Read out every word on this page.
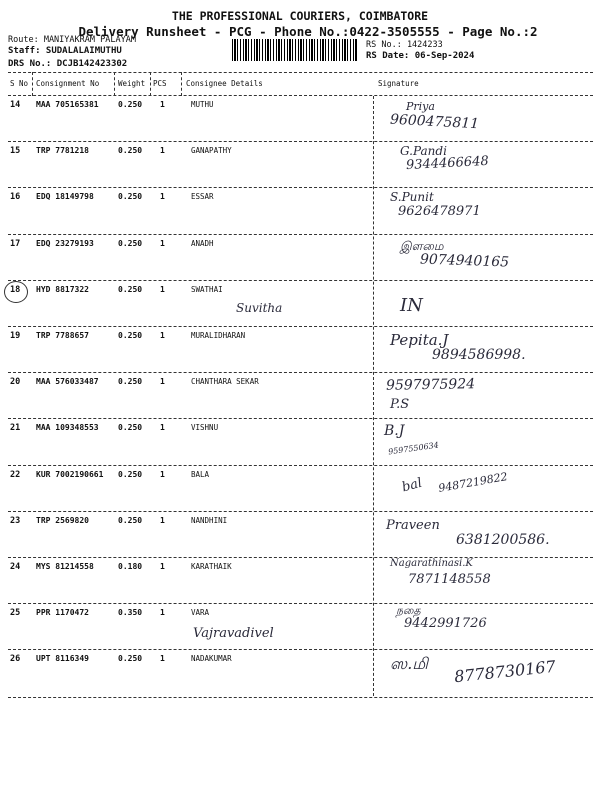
THE PROFESSIONAL COURIERS, COIMBATORE
Delivery Runsheet - PCG - Phone No.:0422-3505555 - Page No.:2
Route: MANIYAKRAM PALAYAM
Staff: SUDALALAIMUTHU
DRS No.: DCJB142423302
RS No.: 1424233
RS Date: 06-Sep-2024
S No Consignment No	Weight PCS	Consignee Details	Signature
14 MAA 705165381 0.250 1	MUTHU	Priya
9600475811
15 TRP 7781218	0.250 1	GANAPATHY	G.Pandi
9344466648
16 EDQ 18149798	0.250 1	ESSAR	S.Punit
9626478971
17 EDQ 23279193	0.250 1	ANADH	இளமை
9074940165
18 HYD 8817322	0.250 1	SWATHAI
Suvitha	IN
19 TRP 7788657	0.250 1	MURALIDHARAN	Pepita.J
9894586998.
20 MAA 576033487 0.250 1	CHANTHARA SEKAR	9597975924
P.S
21 MAA 109348553 0.250 1	VISHNU	B.J
9597550634
22 KUR 7002190661 0.250 1	BALA
bal 9487219822
23 TRP 2569820	0.250 1	NANDHINI	Praveen
6381200586.
24 MYS 81214558	0.180 1	KARATHAIK	Nagarathinasi.K
7871148558
25 PPR 1170472	0.350 1	VARA	நதை
9442991726
Vajravadivel
26 UPT 8116349	0.250 1	NADAKUMAR	ஸ.மி 8778730167
